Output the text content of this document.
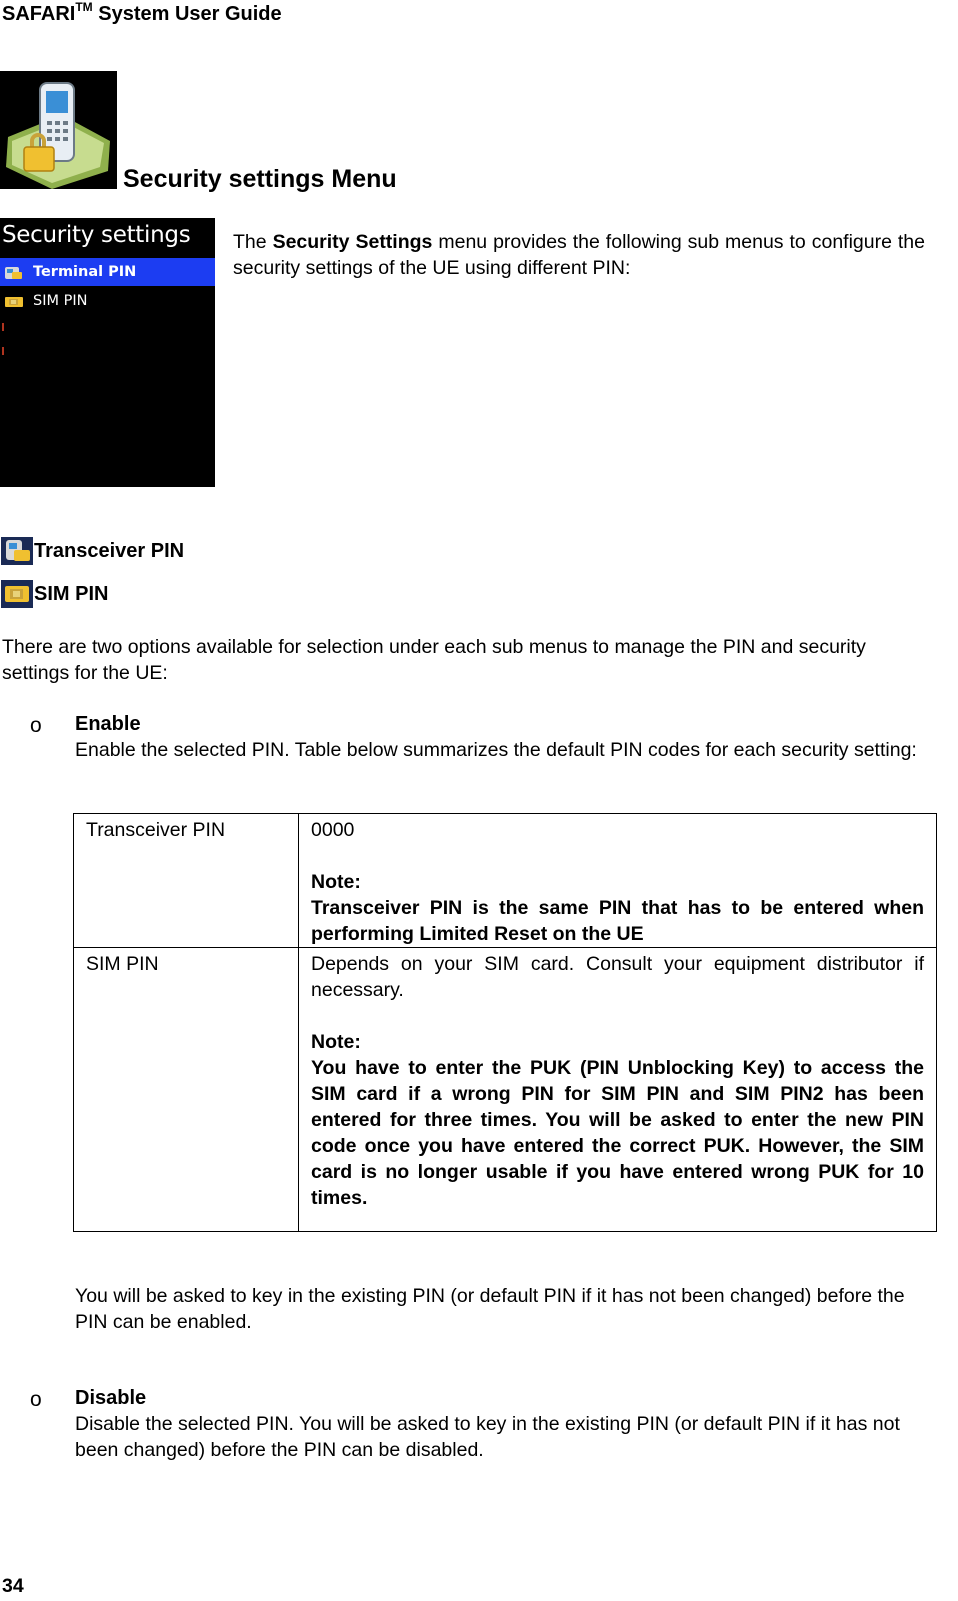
SAFARI™ System User Guide
Security settings Menu
Security settings
Terminal PIN
SIM PIN
Select	Back
The Security Settings menu provides the following sub menus to configure the security settings of the UE using different PIN:
Transceiver PIN
SIM PIN
There are two options available for selection under each sub menus to manage the PIN and security settings for the UE:
o Enable
Enable the selected PIN. Table below summarizes the default PIN codes for each security setting:
Transceiver PIN	0000
Note:
Transceiver PIN is the same PIN that has to be entered when performing Limited Reset on the UE

SIM PIN	Depends on your SIM card. Consult your equipment distributor if necessary.
Note:
You have to enter the PUK (PIN Unblocking Key) to access the SIM card if a wrong PIN for SIM PIN and SIM PIN2 has been entered for three times. You will be asked to enter the new PIN code once you have entered the correct PUK. However, the SIM card is no longer usable if you have entered wrong PUK for 10 times.
You will be asked to key in the existing PIN (or default PIN if it has not been changed) before the PIN can be enabled.
o Disable
Disable the selected PIN. You will be asked to key in the existing PIN (or default PIN if it has not been changed) before the PIN can be disabled.
34
